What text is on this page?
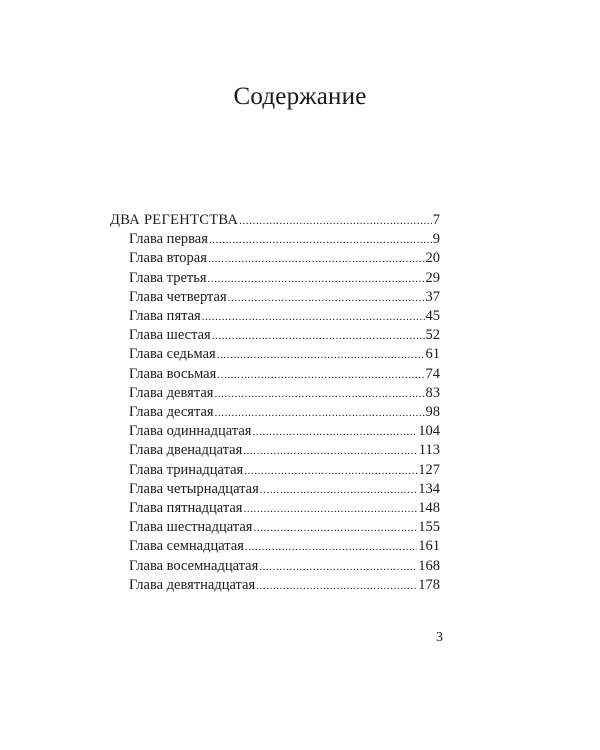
Содержание
ДВА РЕГЕНТСТВА .....	7
Глава первая .....	9
Глава вторая .....	20
Глава третья .....	29
Глава четвертая .....	37
Глава пятая .....	45
Глава шестая .....	52
Глава седьмая .....	61
Глава восьмая .....	74
Глава девятая .....	83
Глава десятая .....	98
Глава одиннадцатая .....	104
Глава двенадцатая .....	113
Глава тринадцатая .....	127
Глава четырнадцатая .....	134
Глава пятнадцатая .....	148
Глава шестнадцатая .....	155
Глава семнадцатая .....	161
Глава восемнадцатая .....	168
Глава девятнадцатая .....	178
3
